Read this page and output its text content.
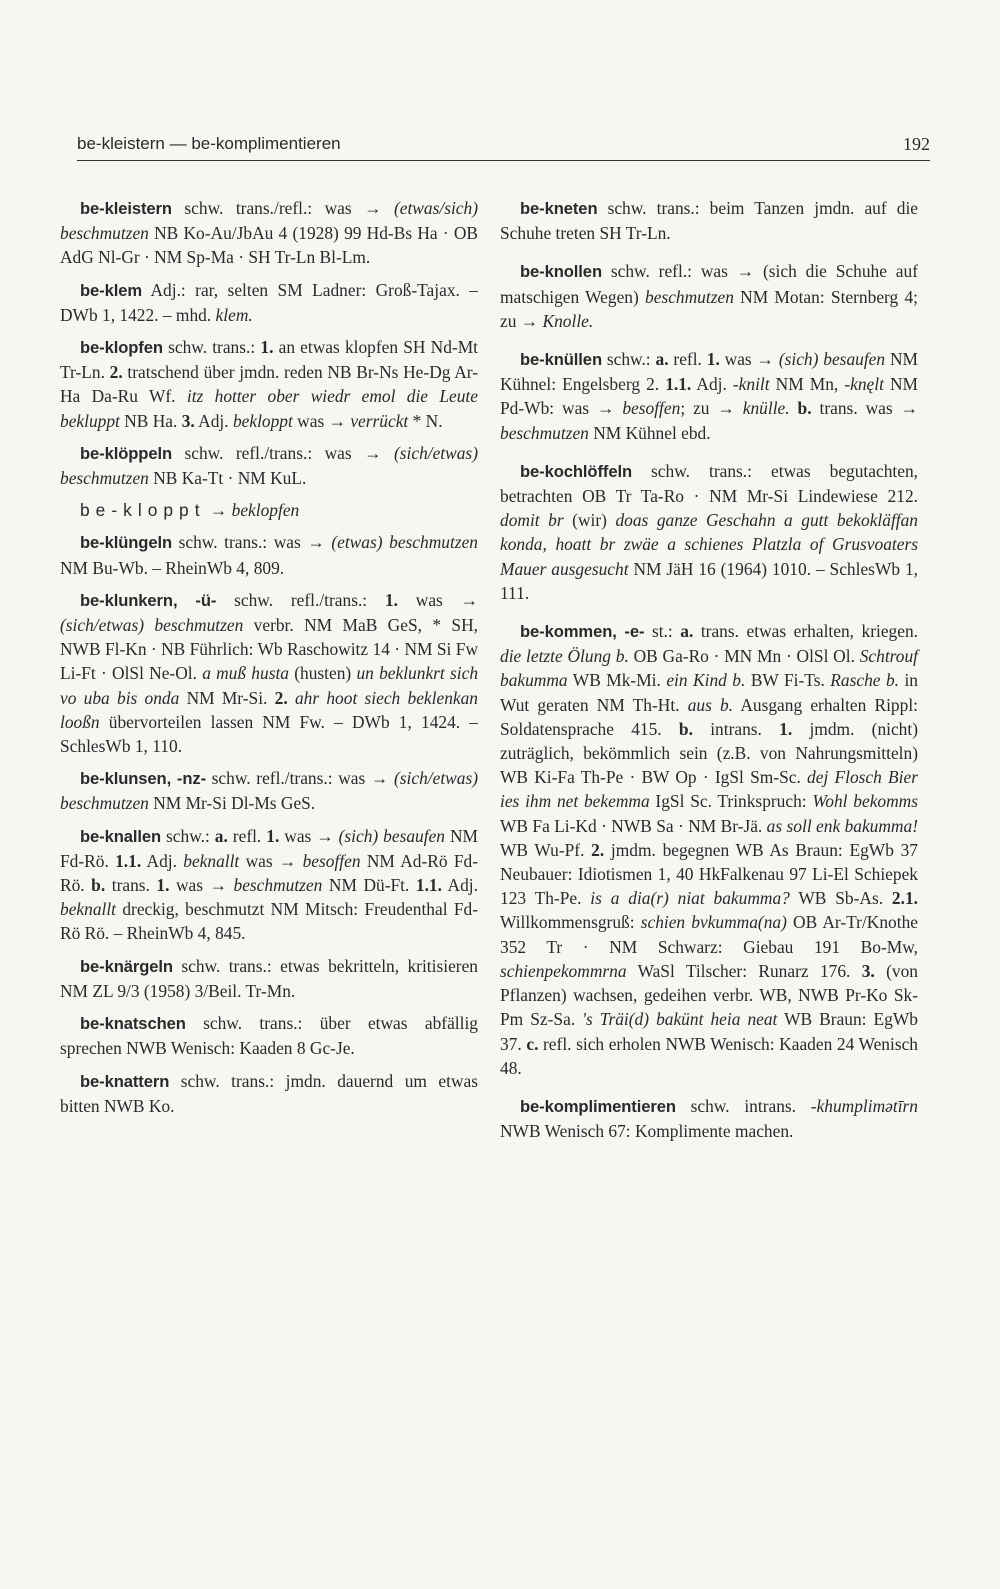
be-kleistern — be-komplimentieren	192

be-kleistern schw. trans./refl.: was → (etwas/sich) beschmutzen NB Ko-Au/JbAu 4 (1928) 99 Hd-Bs Ha · OB AdG Nl-Gr · NM Sp-Ma · SH Tr-Ln Bl-Lm.

be-klem Adj.: rar, selten SM Ladner: Groß-Tajax. – DWb 1, 1422. – mhd. klem.

be-klopfen schw. trans.: 1. an etwas klopfen SH Nd-Mt Tr-Ln. 2. tratschend über jmdn. reden NB Br-Ns He-Dg Ar-Ha Da-Ru Wf. itz hotter ober wiedr emol die Leute bekluppt NB Ha. 3. Adj. bekloppt was → verrückt * N.

be-klöppeln schw. refl./trans.: was → (sich/etwas) beschmutzen NB Ka-Tt · NM KuL.

be-kloppt → beklopfen

be-klüngeln schw. trans.: was → (etwas) beschmutzen NM Bu-Wb. – RheinWb 4, 809.

be-klunkern, -ü- schw. refl./trans.: 1. was → (sich/etwas) beschmutzen verbr. NM MaB GeS, * SH, NWB Fl-Kn · NB Führlich: Wb Raschowitz 14 · NM Si Fw Li-Ft · OlSl Ne-Ol. a muß husta (husten) un beklunkrt sich vo uba bis onda NM Mr-Si. 2. ahr hoot siech beklenkan looßn übervorteilen lassen NM Fw. – DWb 1, 1424. – SchlesWb 1, 110.

be-klunsen, -nz- schw. refl./trans.: was → (sich/etwas) beschmutzen NM Mr-Si Dl-Ms GeS.

be-knallen schw.: a. refl. 1. was → (sich) besaufen NM Fd-Rö. 1.1. Adj. beknallt was → besoffen NM Ad-Rö Fd-Rö. b. trans. 1. was → beschmutzen NM Dü-Ft. 1.1. Adj. beknallt dreckig, beschmutzt NM Mitsch: Freudenthal Fd-Rö Rö. – RheinWb 4, 845.

be-knärgeln schw. trans.: etwas bekritteln, kritisieren NM ZL 9/3 (1958) 3/Beil. Tr-Mn.

be-knatschen schw. trans.: über etwas abfällig sprechen NWB Wenisch: Kaaden 8 Gc-Je.

be-knattern schw. trans.: jmdn. dauernd um etwas bitten NWB Ko.

be-kneten schw. trans.: beim Tanzen jmdn. auf die Schuhe treten SH Tr-Ln.

be-knollen schw. refl.: was → (sich die Schuhe auf matschigen Wegen) beschmutzen NM Motan: Sternberg 4; zu → Knolle.

be-knüllen schw.: a. refl. 1. was → (sich) besaufen NM Kühnel: Engelsberg 2. 1.1. Adj. -knilt NM Mn, -knęlt NM Pd-Wb: was → besoffen; zu → knülle. b. trans. was → beschmutzen NM Kühnel ebd.

be-kochlöffeln schw. trans.: etwas begutachten, betrachten OB Tr Ta-Ro · NM Mr-Si Lindewiese 212. domit br (wir) doas ganze Geschahn a gutt bekokläffan konda, hoatt br zwäe a schienes Platzla of Grusvoaters Mauer ausgesucht NM JäH 16 (1964) 1010. – SchlesWb 1, 111.

be-kommen, -e- st.: a. trans. etwas erhalten, kriegen. die letzte Ölung b. OB Ga-Ro · MN Mn · OlSl Ol. Schtrouf bakumma WB Mk-Mi. ein Kind b. BW Fi-Ts. Rasche b. in Wut geraten NM Th-Ht. aus b. Ausgang erhalten Rippl: Soldatensprache 415. b. intrans. 1. jmdm. (nicht) zuträglich, bekömmlich sein (z.B. von Nahrungsmitteln) WB Ki-Fa Th-Pe · BW Op · IgSl Sm-Sc. dej Flosch Bier ies ihm net bekemma IgSl Sc. Trinkspruch: Wohl bekomms WB Fa Li-Kd · NWB Sa · NM Br-Jä. as soll enk bakumma! WB Wu-Pf. 2. jmdm. begegnen WB As Braun: EgWb 37 Neubauer: Idiotismen 1, 40 HkFalkenau 97 Li-El Schiepek 123 Th-Pe. is a dia(r) niat bakumma? WB Sb-As. 2.1. Willkommensgruß: schien bvkumma(na) OB Ar-Tr/Knothe 352 Tr · NM Schwarz: Giebau 191 Bo-Mw, schienpekommrna WaSl Tilscher: Runarz 176. 3. (von Pflanzen) wachsen, gedeihen verbr. WB, NWB Pr-Ko Sk-Pm Sz-Sa. 's Träi(d) bakünt heia neat WB Braun: EgWb 37. c. refl. sich erholen NWB Wenisch: Kaaden 24 Wenisch 48.

be-komplimentieren schw. intrans. -khumplimətīrn NWB Wenisch 67: Komplimente machen.
